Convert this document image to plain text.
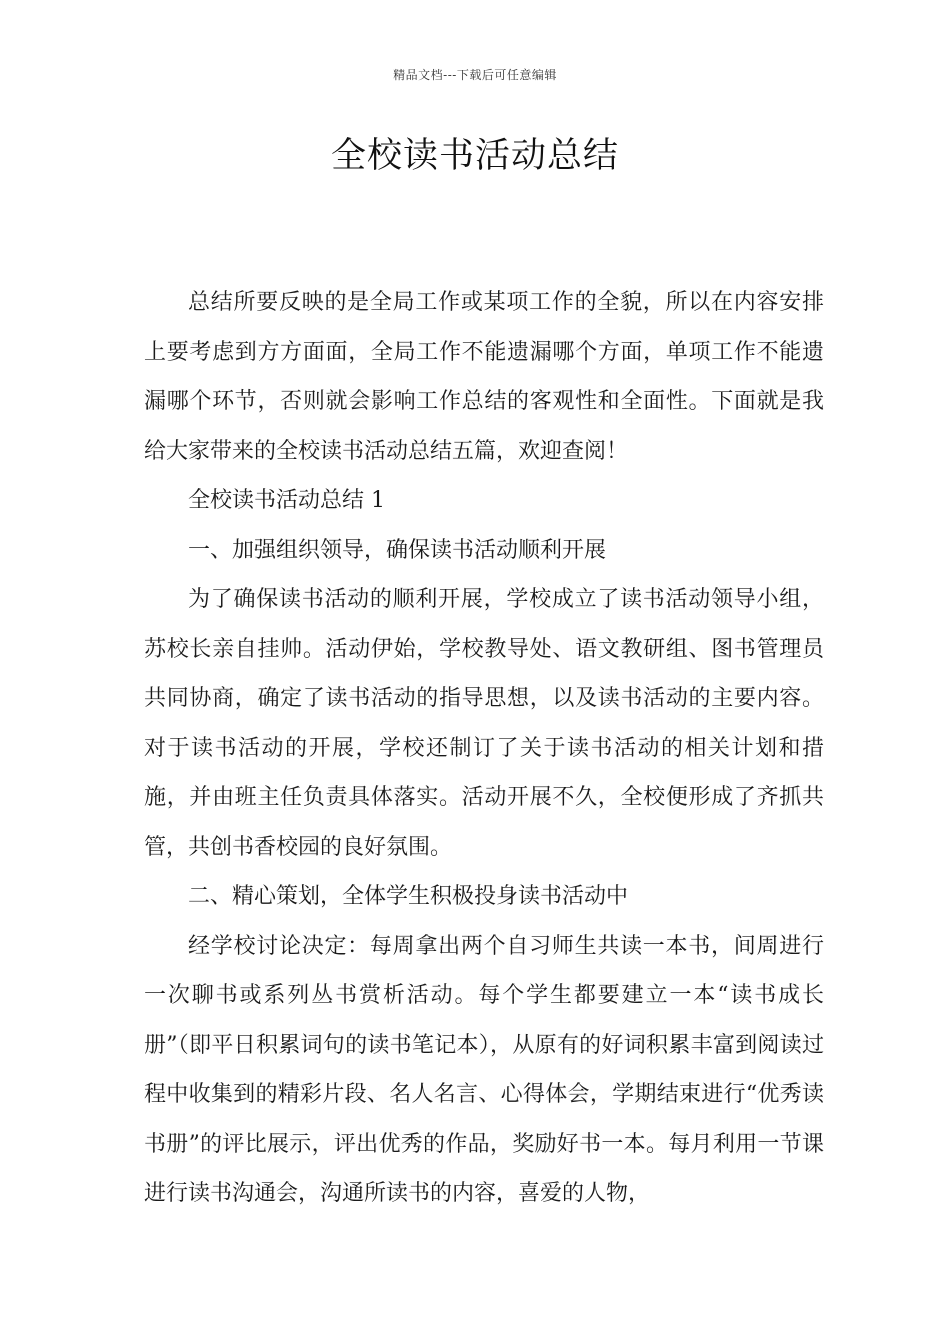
精品文档---下载后可任意编辑
全校读书活动总结

总结所要反映的是全局工作或某项工作的全貌，所以在内容安排上要考虑到方方面面，全局工作不能遗漏哪个方面，单项工作不能遗漏哪个环节，否则就会影响工作总结的客观性和全面性。下面就是我给大家带来的全校读书活动总结五篇，欢迎查阅！

全校读书活动总结 1

一、加强组织领导，确保读书活动顺利开展

为了确保读书活动的顺利开展，学校成立了读书活动领导小组，苏校长亲自挂帅。活动伊始，学校教导处、语文教研组、图书管理员共同协商，确定了读书活动的指导思想，以及读书活动的主要内容。对于读书活动的开展，学校还制订了关于读书活动的相关计划和措施，并由班主任负责具体落实。活动开展不久，全校便形成了齐抓共管，共创书香校园的良好氛围。

二、精心策划，全体学生积极投身读书活动中

经学校讨论决定：每周拿出两个自习师生共读一本书，间周进行一次聊书或系列丛书赏析活动。每个学生都要建立一本“读书成长册”（即平日积累词句的读书笔记本），从原有的好词积累丰富到阅读过程中收集到的精彩片段、名人名言、心得体会，学期结束进行“优秀读书册”的评比展示，评出优秀的作品，奖励好书一本。每月利用一节课进行读书沟通会，沟通所读书的内容，喜爱的人物，
